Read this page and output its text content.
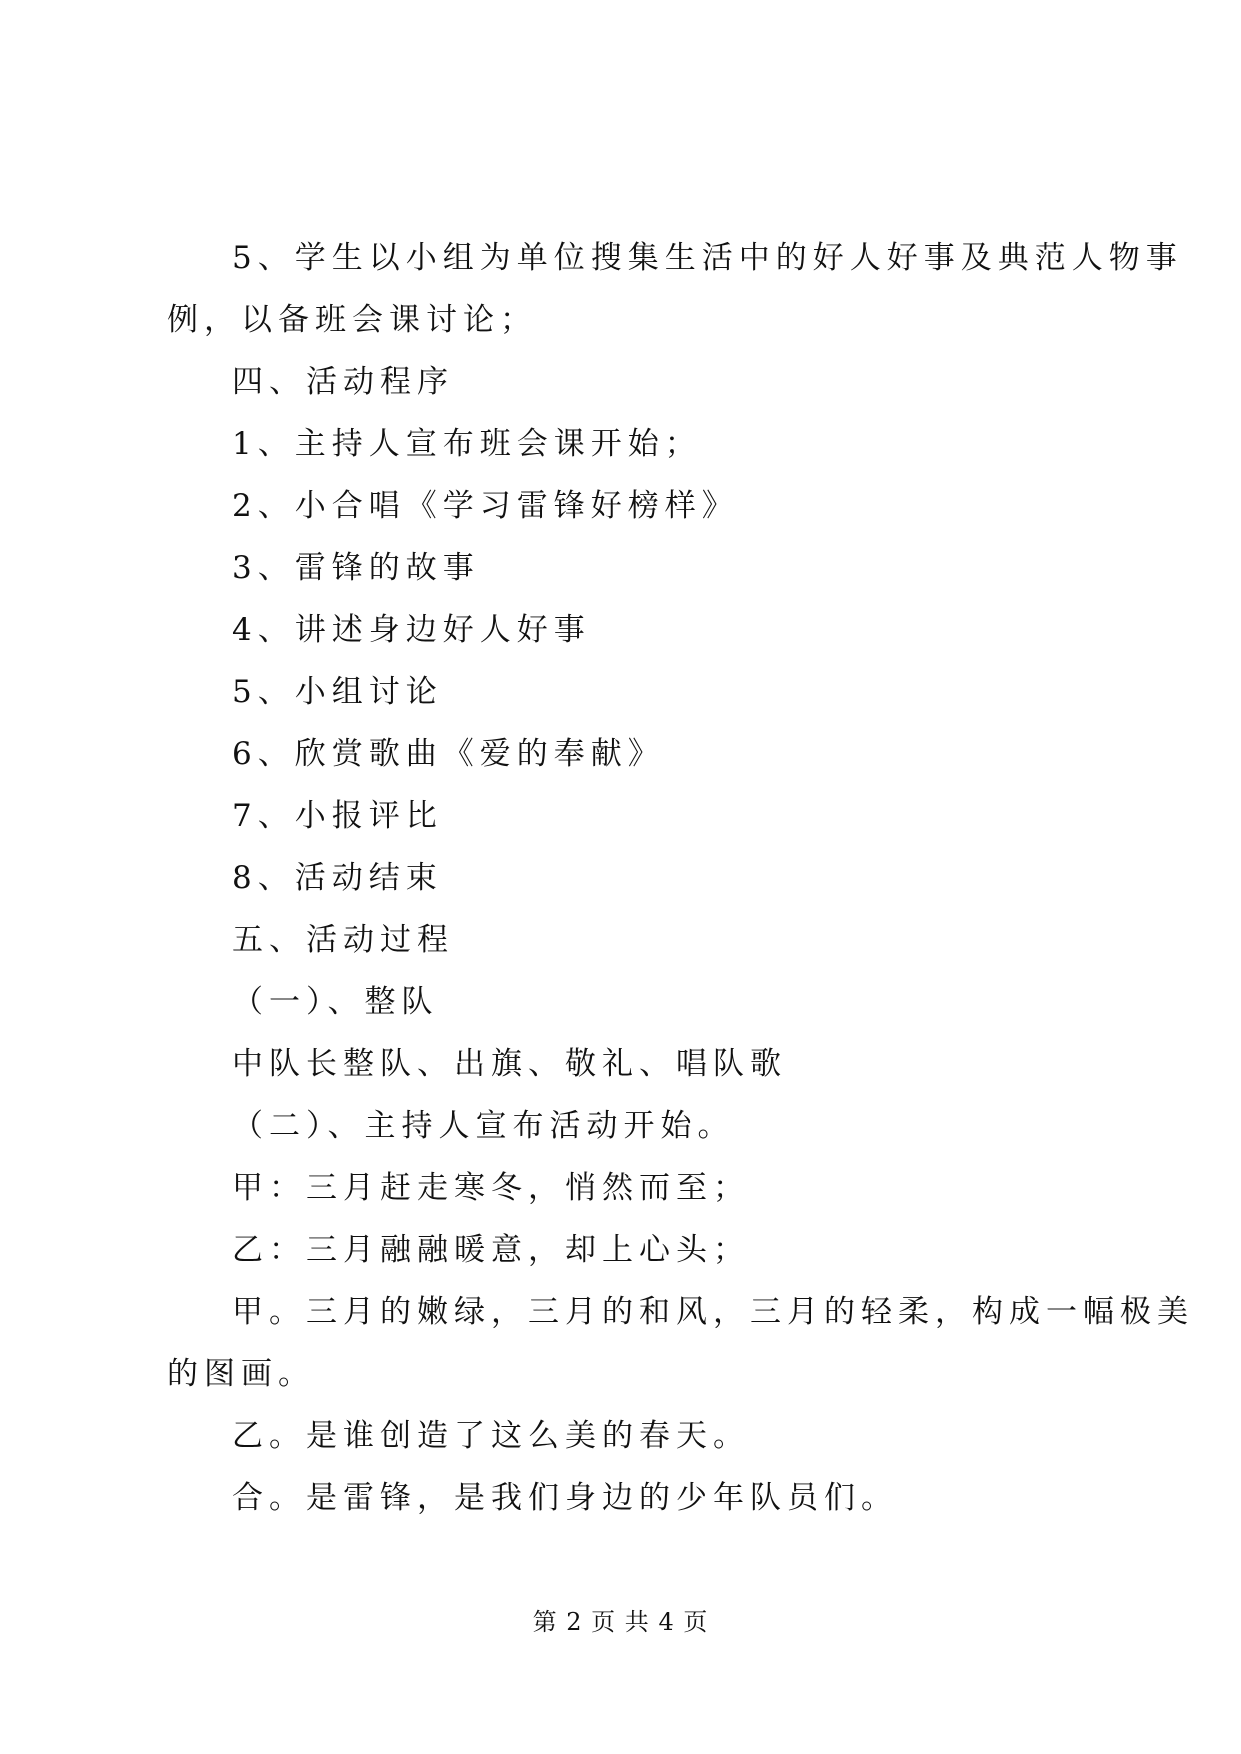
5、学生以小组为单位搜集生活中的好人好事及典范人物事

例，以备班会课讨论；

四、活动程序

1、主持人宣布班会课开始；

2、小合唱《学习雷锋好榜样》

3、雷锋的故事

4、讲述身边好人好事

5、小组讨论

6、欣赏歌曲《爱的奉献》

7、小报评比

8、活动结束

五、活动过程

（一）、整队

中队长整队、出旗、敬礼、唱队歌

（二）、主持人宣布活动开始。

甲：三月赶走寒冬，悄然而至；

乙：三月融融暖意，却上心头；

甲。三月的嫩绿，三月的和风，三月的轻柔，构成一幅极美

的图画。

乙。是谁创造了这么美的春天。

合。是雷锋，是我们身边的少年队员们。

第 2 页 共 4 页
